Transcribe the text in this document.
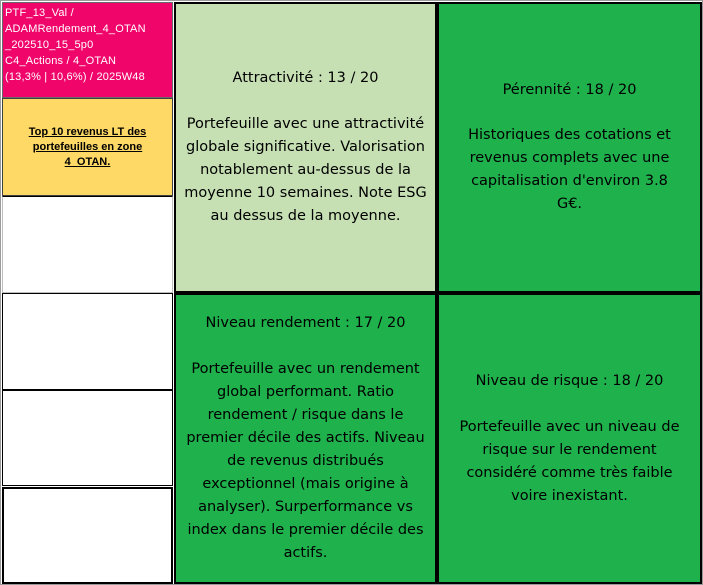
PTF_13_Val /
ADAMRendement_4_OTAN
_202510_15_5p0
C4_Actions / 4_OTAN
(13,3% | 10,6%) / 2025W48
Top 10 revenus LT des portefeuilles en zone 4_OTAN.
Attractivité : 13 / 20
Portefeuille avec une attractivité globale significative. Valorisation notablement au-dessus de la moyenne 10 semaines. Note ESG au dessus de la moyenne.
Pérennité : 18 / 20
Historiques des cotations et revenus complets avec une capitalisation d'environ 3.8 G€.
Niveau rendement : 17 / 20
Portefeuille avec un rendement global performant. Ratio rendement / risque dans le premier décile des actifs. Niveau de revenus distribués exceptionnel (mais origine à analyser). Surperformance vs index dans le premier décile des actifs.
Niveau de risque : 18 / 20
Portefeuille avec un niveau de risque sur le rendement considéré comme très faible voire inexistant.
